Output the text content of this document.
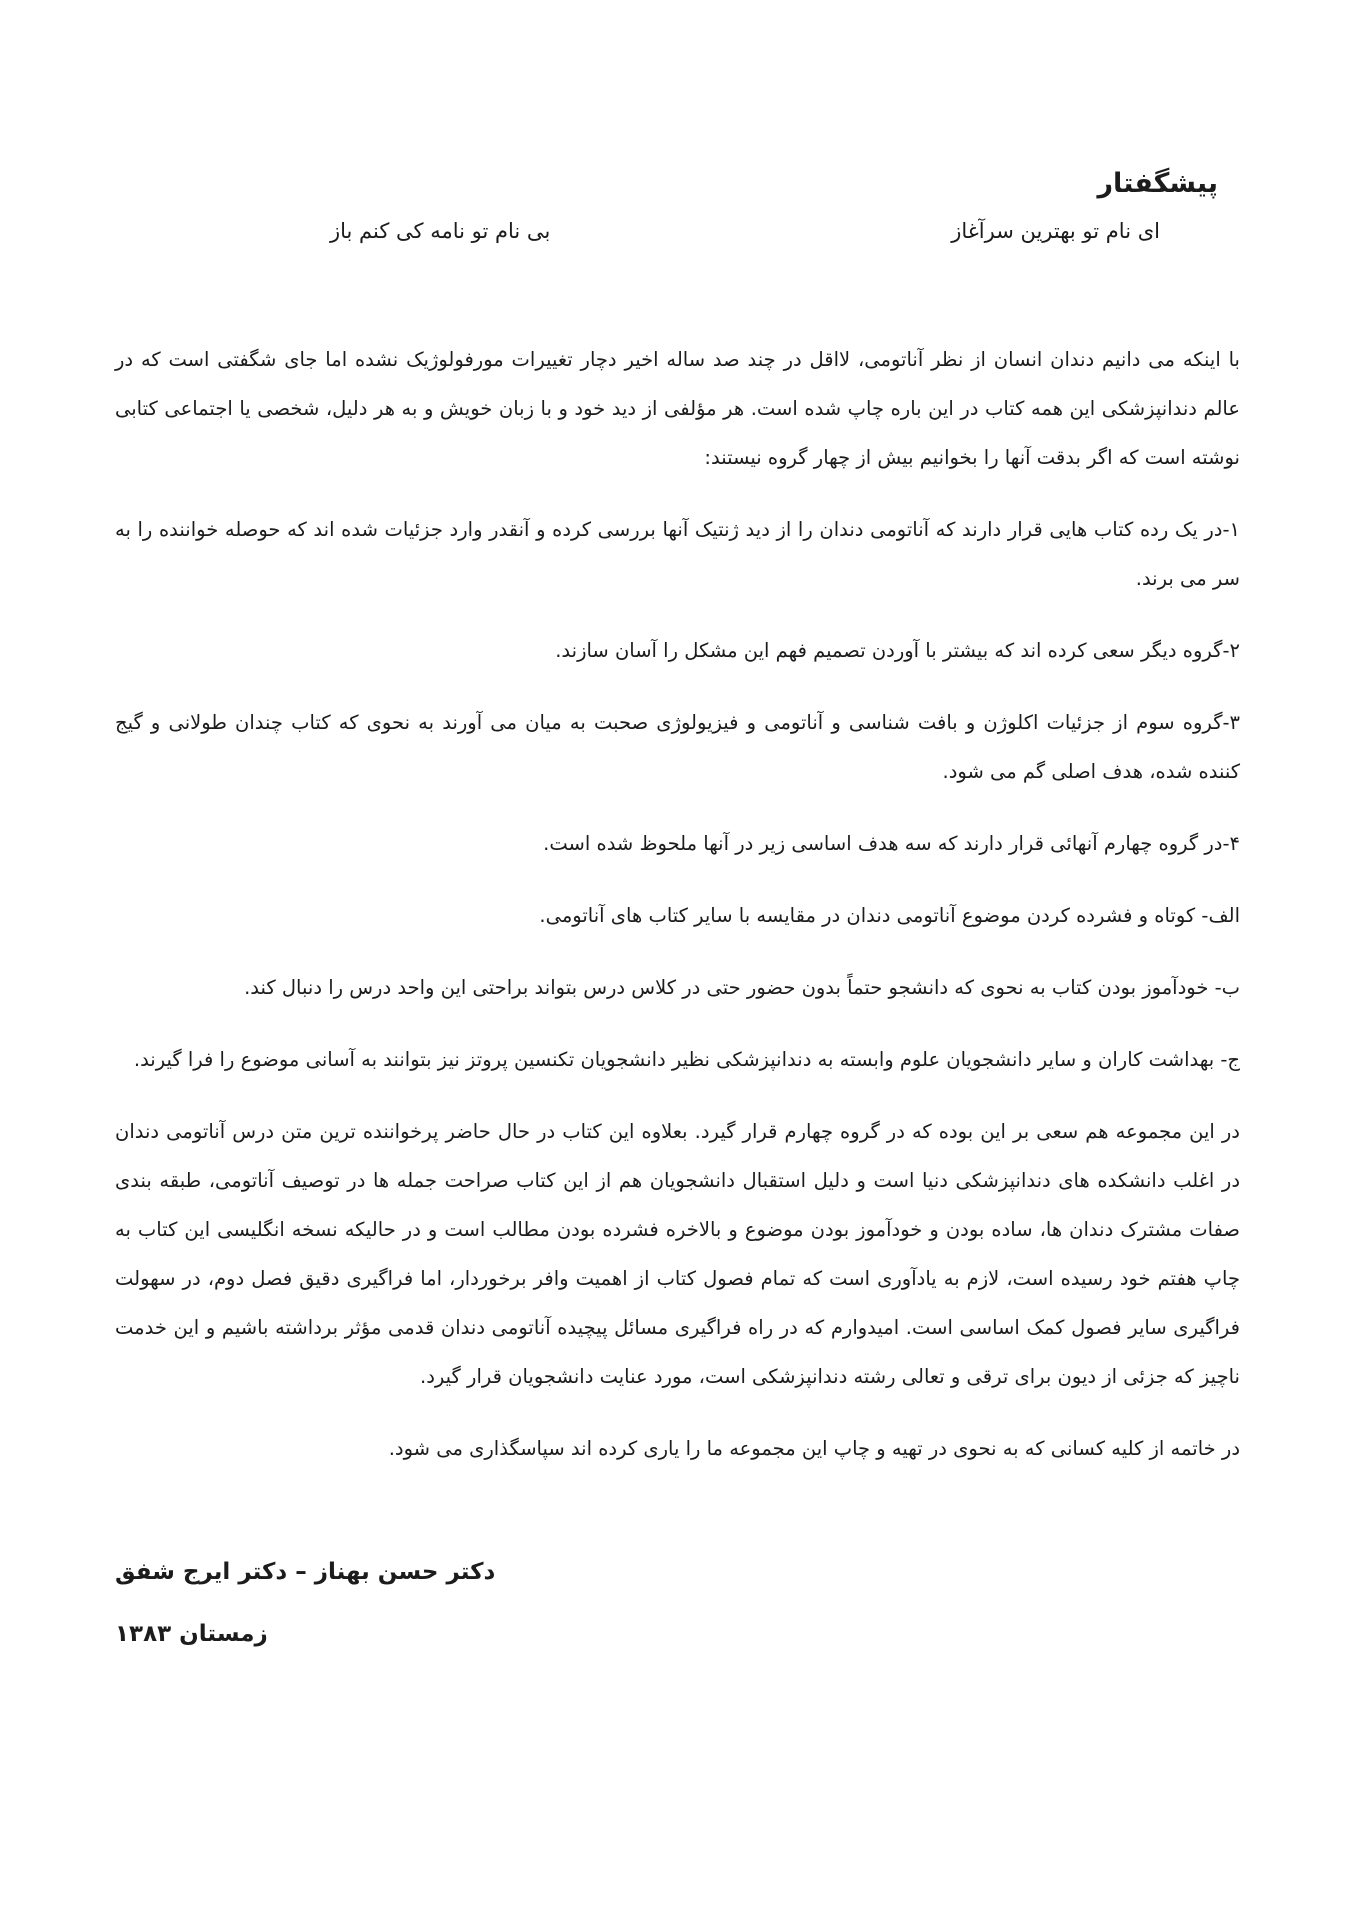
پیشگفتار
ای نام تو بهترین سرآغاز
بی نام تو نامه کی کنم باز

با اینکه می دانیم دندان انسان از نظر آناتومی، لااقل در چند صد ساله اخیر دچار تغییرات مورفولوژیک نشده اما جای شگفتی است که در عالم دندانپزشکی این همه کتاب در این باره چاپ شده است. هر مؤلفی از دید خود و با زبان خویش و به هر دلیل، شخصی یا اجتماعی کتابی نوشته است که اگر بدقت آنها را بخوانیم بیش از چهار گروه نیستند:

۱-در یک رده کتاب هایی قرار دارند که آناتومی دندان را از دید ژنتیک آنها بررسی کرده و آنقدر وارد جزئیات شده اند که حوصله خواننده را به سر می برند.

۲-گروه دیگر سعی کرده اند که بیشتر با آوردن تصمیم فهم این مشکل را آسان سازند.

۳-گروه سوم از جزئیات اکلوژن و بافت شناسی و آناتومی و فیزیولوژی صحبت به میان می آورند به نحوی که کتاب چندان طولانی و گیج کننده شده، هدف اصلی گم می شود.

۴-در گروه چهارم آنهائی قرار دارند که سه هدف اساسی زیر در آنها ملحوظ شده است.

الف- کوتاه و فشرده کردن موضوع آناتومی دندان در مقایسه با سایر کتاب های آناتومی.

ب- خودآموز بودن کتاب به نحوی که دانشجو حتماً بدون حضور حتی در کلاس درس بتواند براحتی این واحد درس را دنبال کند.

ج- بهداشت کاران و سایر دانشجویان علوم وابسته به دندانپزشکی نظیر دانشجویان تکنسین پروتز نیز بتوانند به آسانی موضوع را فرا گیرند.

در این مجموعه هم سعی بر این بوده که در گروه چهارم قرار گیرد. بعلاوه این کتاب در حال حاضر پرخواننده ترین متن درس آناتومی دندان در اغلب دانشکده های دندانپزشکی دنیا است و دلیل استقبال دانشجویان هم از این کتاب صراحت جمله ها در توصیف آناتومی، طبقه بندی صفات مشترک دندان ها، ساده بودن و خودآموز بودن موضوع و بالاخره فشرده بودن مطالب است و در حالیکه نسخه انگلیسی این کتاب به چاپ هفتم خود رسیده است، لازم به یادآوری است که تمام فصول کتاب از اهمیت وافر برخوردار، اما فراگیری دقیق فصل دوم، در سهولت فراگیری سایر فصول کمک اساسی است. امیدوارم که در راه فراگیری مسائل پیچیده آناتومی دندان قدمی مؤثر برداشته باشیم و این خدمت ناچیز که جزئی از دیون برای ترقی و تعالی رشته دندانپزشکی است، مورد عنایت دانشجویان قرار گیرد.

در خاتمه از کلیه کسانی که به نحوی در تهیه و چاپ این مجموعه ما را یاری کرده اند سپاسگذاری می شود.

دکتر حسن بهناز – دکتر ایرج شفق

زمستان ۱۳۸۳
